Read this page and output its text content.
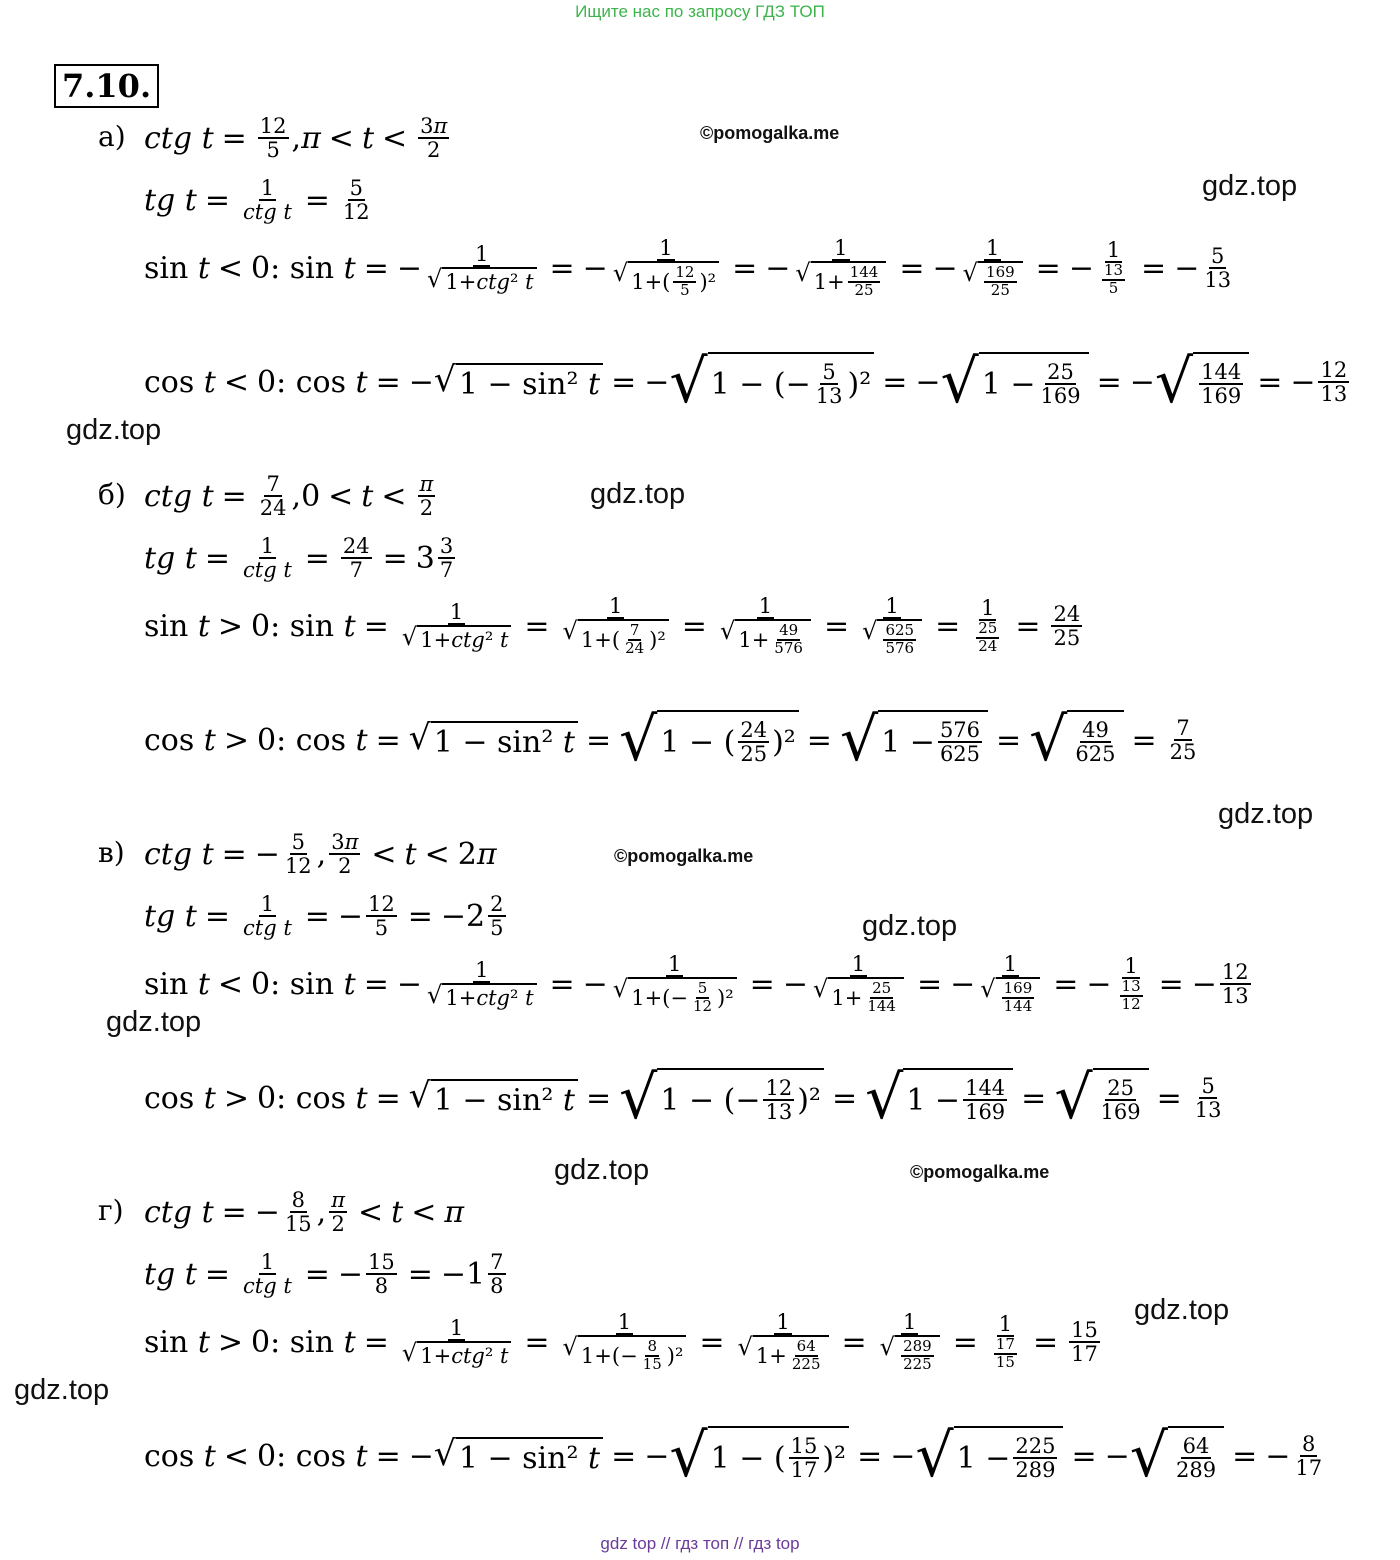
Ищите нас по запросу ГДЗ ТОП
7.10.
©pomogalka.me
gdz.top
gdz.top
gdz.top
gdz.top
©pomogalka.me
gdz.top
gdz.top
gdz.top	©pomogalka.me
gdz.top
gdz.top
а) ctg $t = \frac{12}{5}$ , π < t < 3π
2
tg t = 1
ctg $t = \frac{5}{12}$
sin t < 0: sin t = −	1
√ 1+ ctg ² t = − 1
√ 1+( 12
5 )² = − 1
√ 1+ 144
25 = − 1
√ 169
25 = − $\frac{1}{\frac{13}{5}}$ = − $\frac{5}{13}$
cos t < 0: cos t = − √ 1 − sin² t = − √ 1 − (− 5
13 )² = − √ 1 − 25
169 = − √ 144
169 = − $\frac{12}{13}$
б) ctg $t = \frac{7}{24} ,0 < t < \pi$
2
tg t = 1
ctg $t = \frac{24}{7} = 3 \frac{3}{7}$
sin t > 0: sin t =	1
√ 1+ ctg ² t = 1
√ 1+( 7
24 )² = 1
√ 1+ 49
576 = 1
√ 625
$576 = \frac{1}{\frac{25}{24}} = \frac{24}{25}$
cos t > 0: cos t = √ 1 − sin² t = √ 1 − ( 24
25 )² = √ 1 − 576
625 = √ 49
$625 = \frac{7}{25}$
в) ctg t = − $\frac{5}{12}$ , 3π
2 < t < 2 π
tg t = 1
ctg t = − $\frac{12}{5} = -2 \frac{2}{5}$
sin t < 0: sin t = −	1
√ 1+ ctg ² t = − 1
√ 1+(− 5
12 )² = − 1
√ 1+ 25
144 = − 1
√ 169
144 = − $\frac{1}{\frac{13}{12}}$ = − $\frac{12}{13}$
cos t > 0: cos t = √ 1 − sin² t = √ 1 − (− 12
13 )² = √ 1 − 144
169 = √ 25
$169 = \frac{5}{13}$
г) ctg t = − $\frac{8}{15}$ , π
2 < t < π
tg t = 1
ctg t = − $\frac{15}{8} = -1 \frac{7}{8}$
sin t > 0: sin t =	1
√ 1+ ctg ² t = 1
√ 1+(− 8
15 )² = 1
√ 1+ 64
225 = 1
√ 289
$225 = \frac{1}{\frac{17}{15}} = \frac{15}{17}$
cos t < 0: cos t = − √ 1 − sin² t = − √ 1 − ( 15
17 )² = − √ 1 − 225
289 = − √ 64
289 = − $\frac{8}{17}$
gdz top // гдз топ // гдз top
